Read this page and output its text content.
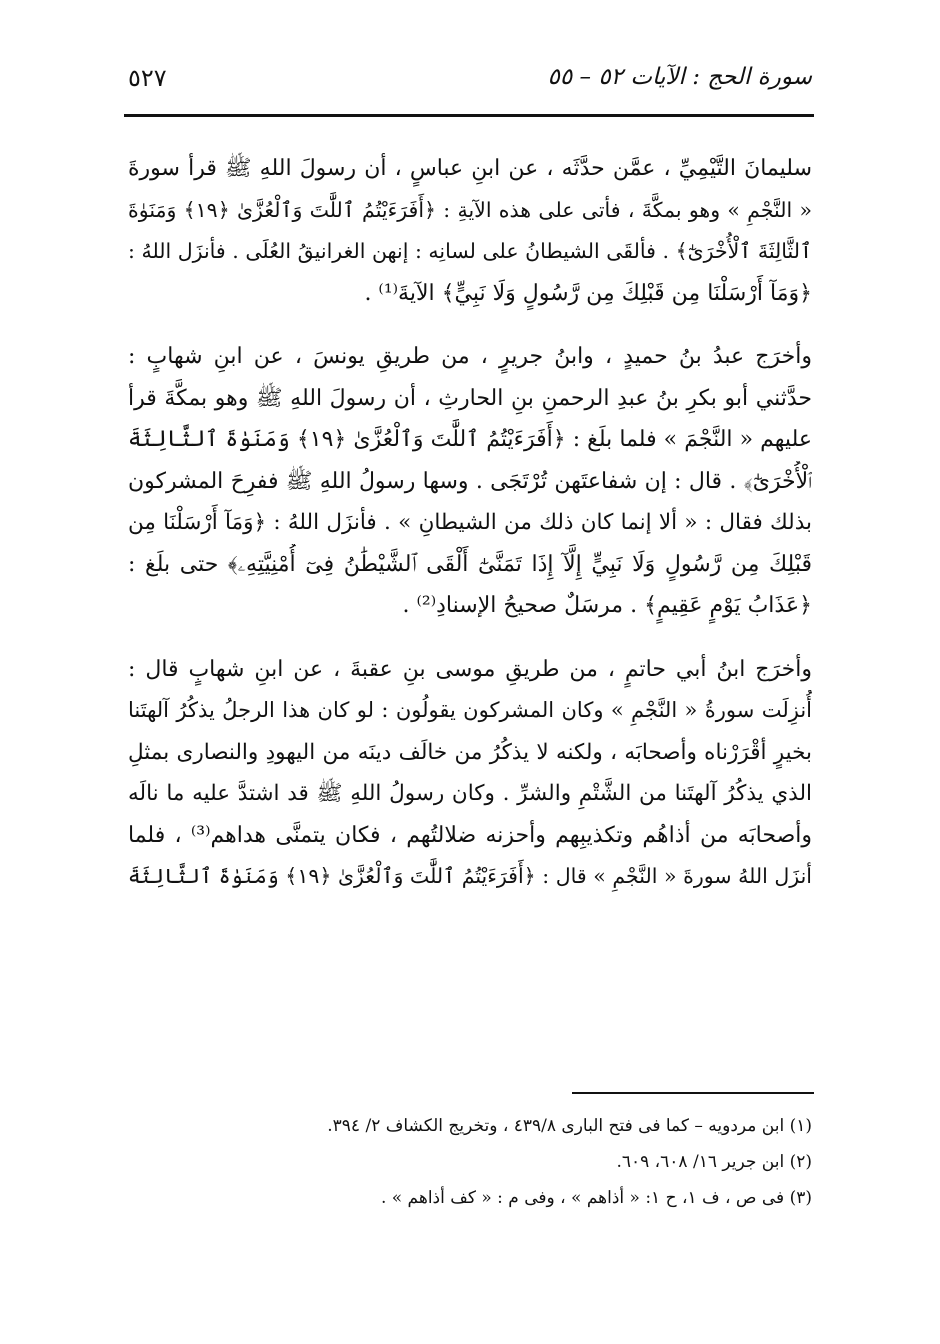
سورة الحج : الآيات ٥٢ – ٥٥
٥٢٧
سليمانَ التَّيْمِيِّ ، عمَّن حدَّثَه ، عن ابنِ عباسٍ ، أن رسولَ اللهِ ﷺ قرأ سورةَ
« النَّجْمِ » وهو بمكَّةَ ، فأتى على هذه الآيةِ : ﴿أَفَرَءَيْتُمُ ٱللَّٰتَ وَٱلْعُزَّىٰ ﴿١٩﴾ وَمَنَوٰةَ
ٱلثَّالِثَةَ ٱلْأُخْرَىٰٓ﴾ . فألقَى الشيطانُ على لسانِه : إنهن الغرانيقُ العُلَى . فأنزَل اللهُ :
﴿وَمَآ أَرْسَلْنَا مِن قَبْلِكَ مِن رَّسُولٍ وَلَا نَبِيٍّ﴾ الآيةَ⁽¹⁾ .
وأخرَج عبدُ بنُ حميدٍ ، وابنُ جريرٍ ، من طريقِ يونسَ ، عن ابنِ شهابٍ :
حدَّثني أبو بكرِ بنُ عبدِ الرحمنِ بنِ الحارثِ ، أن رسولَ اللهِ ﷺ وهو بمكَّةَ قرأ
عليهم « النَّجْمَ » فلما بلَغ : ﴿أَفَرَءَيْتُمُ ٱللَّٰتَ وَٱلْعُزَّىٰ ﴿١٩﴾ وَمَنَوٰةَ ٱلثَّالِثَةَ
ٱلْأُخْرَىٰٓ﴾ . قال : إن شفاعتَهن تُرْتَجَى . وسها رسولُ اللهِ ﷺ ففرِحَ المشركون
بذلك فقال : « ألا إنما كان ذلك من الشيطانِ » . فأنزَل اللهُ : ﴿وَمَآ أَرْسَلْنَا مِن
قَبْلِكَ مِن رَّسُولٍ وَلَا نَبِيٍّ إِلَّآ إِذَا تَمَنَّىٰٓ أَلْقَى ٱلشَّيْطَٰنُ فِىٓ أُمْنِيَّتِهِۦ﴾ حتى بلَغ :
﴿عَذَابُ يَوْمٍ عَقِيمٍ﴾ . مرسَلٌ صحيحُ الإسنادِ⁽²⁾ .
وأخرَج ابنُ أبي حاتمٍ ، من طريقِ موسى بنِ عقبةَ ، عن ابنِ شهابٍ قال :
أُنزِلَت سورةُ « النَّجْمِ » وكان المشركون يقولُون : لو كان هذا الرجلُ يذكُرُ آلهتَنا
بخيرٍ أقْرَرْناه وأصحابَه ، ولكنه لا يذكُرُ من خالَف دينَه من اليهودِ والنصارى بمثلِ
الذي يذكُرُ آلهتَنا من الشَّتْمِ والشرِّ . وكان رسولُ اللهِ ﷺ قد اشتدَّ عليه ما نالَه
وأصحابَه من أذاهُم وتكذيبِهم وأحزنه ضلالتُهم ، فكان يتمنَّى هداهم⁽³⁾ ، فلما
أنزَل اللهُ سورةَ « النَّجْمِ » قال : ﴿أَفَرَءَيْتُمُ ٱللَّٰتَ وَٱلْعُزَّىٰ ﴿١٩﴾ وَمَنَوٰةَ ٱلثَّالِثَةَ
(١) ابن مردويه – كما فى فتح البارى ٤٣٩/٨ ، وتخريج الكشاف ٢/ ٣٩٤.
(٢) ابن جرير ١٦/ ٦٠٨، ٦٠٩.
(٣) فى ص ، ف ١، ح ١: « أذاهم » ، وفى م : « كف أذاهم » .
